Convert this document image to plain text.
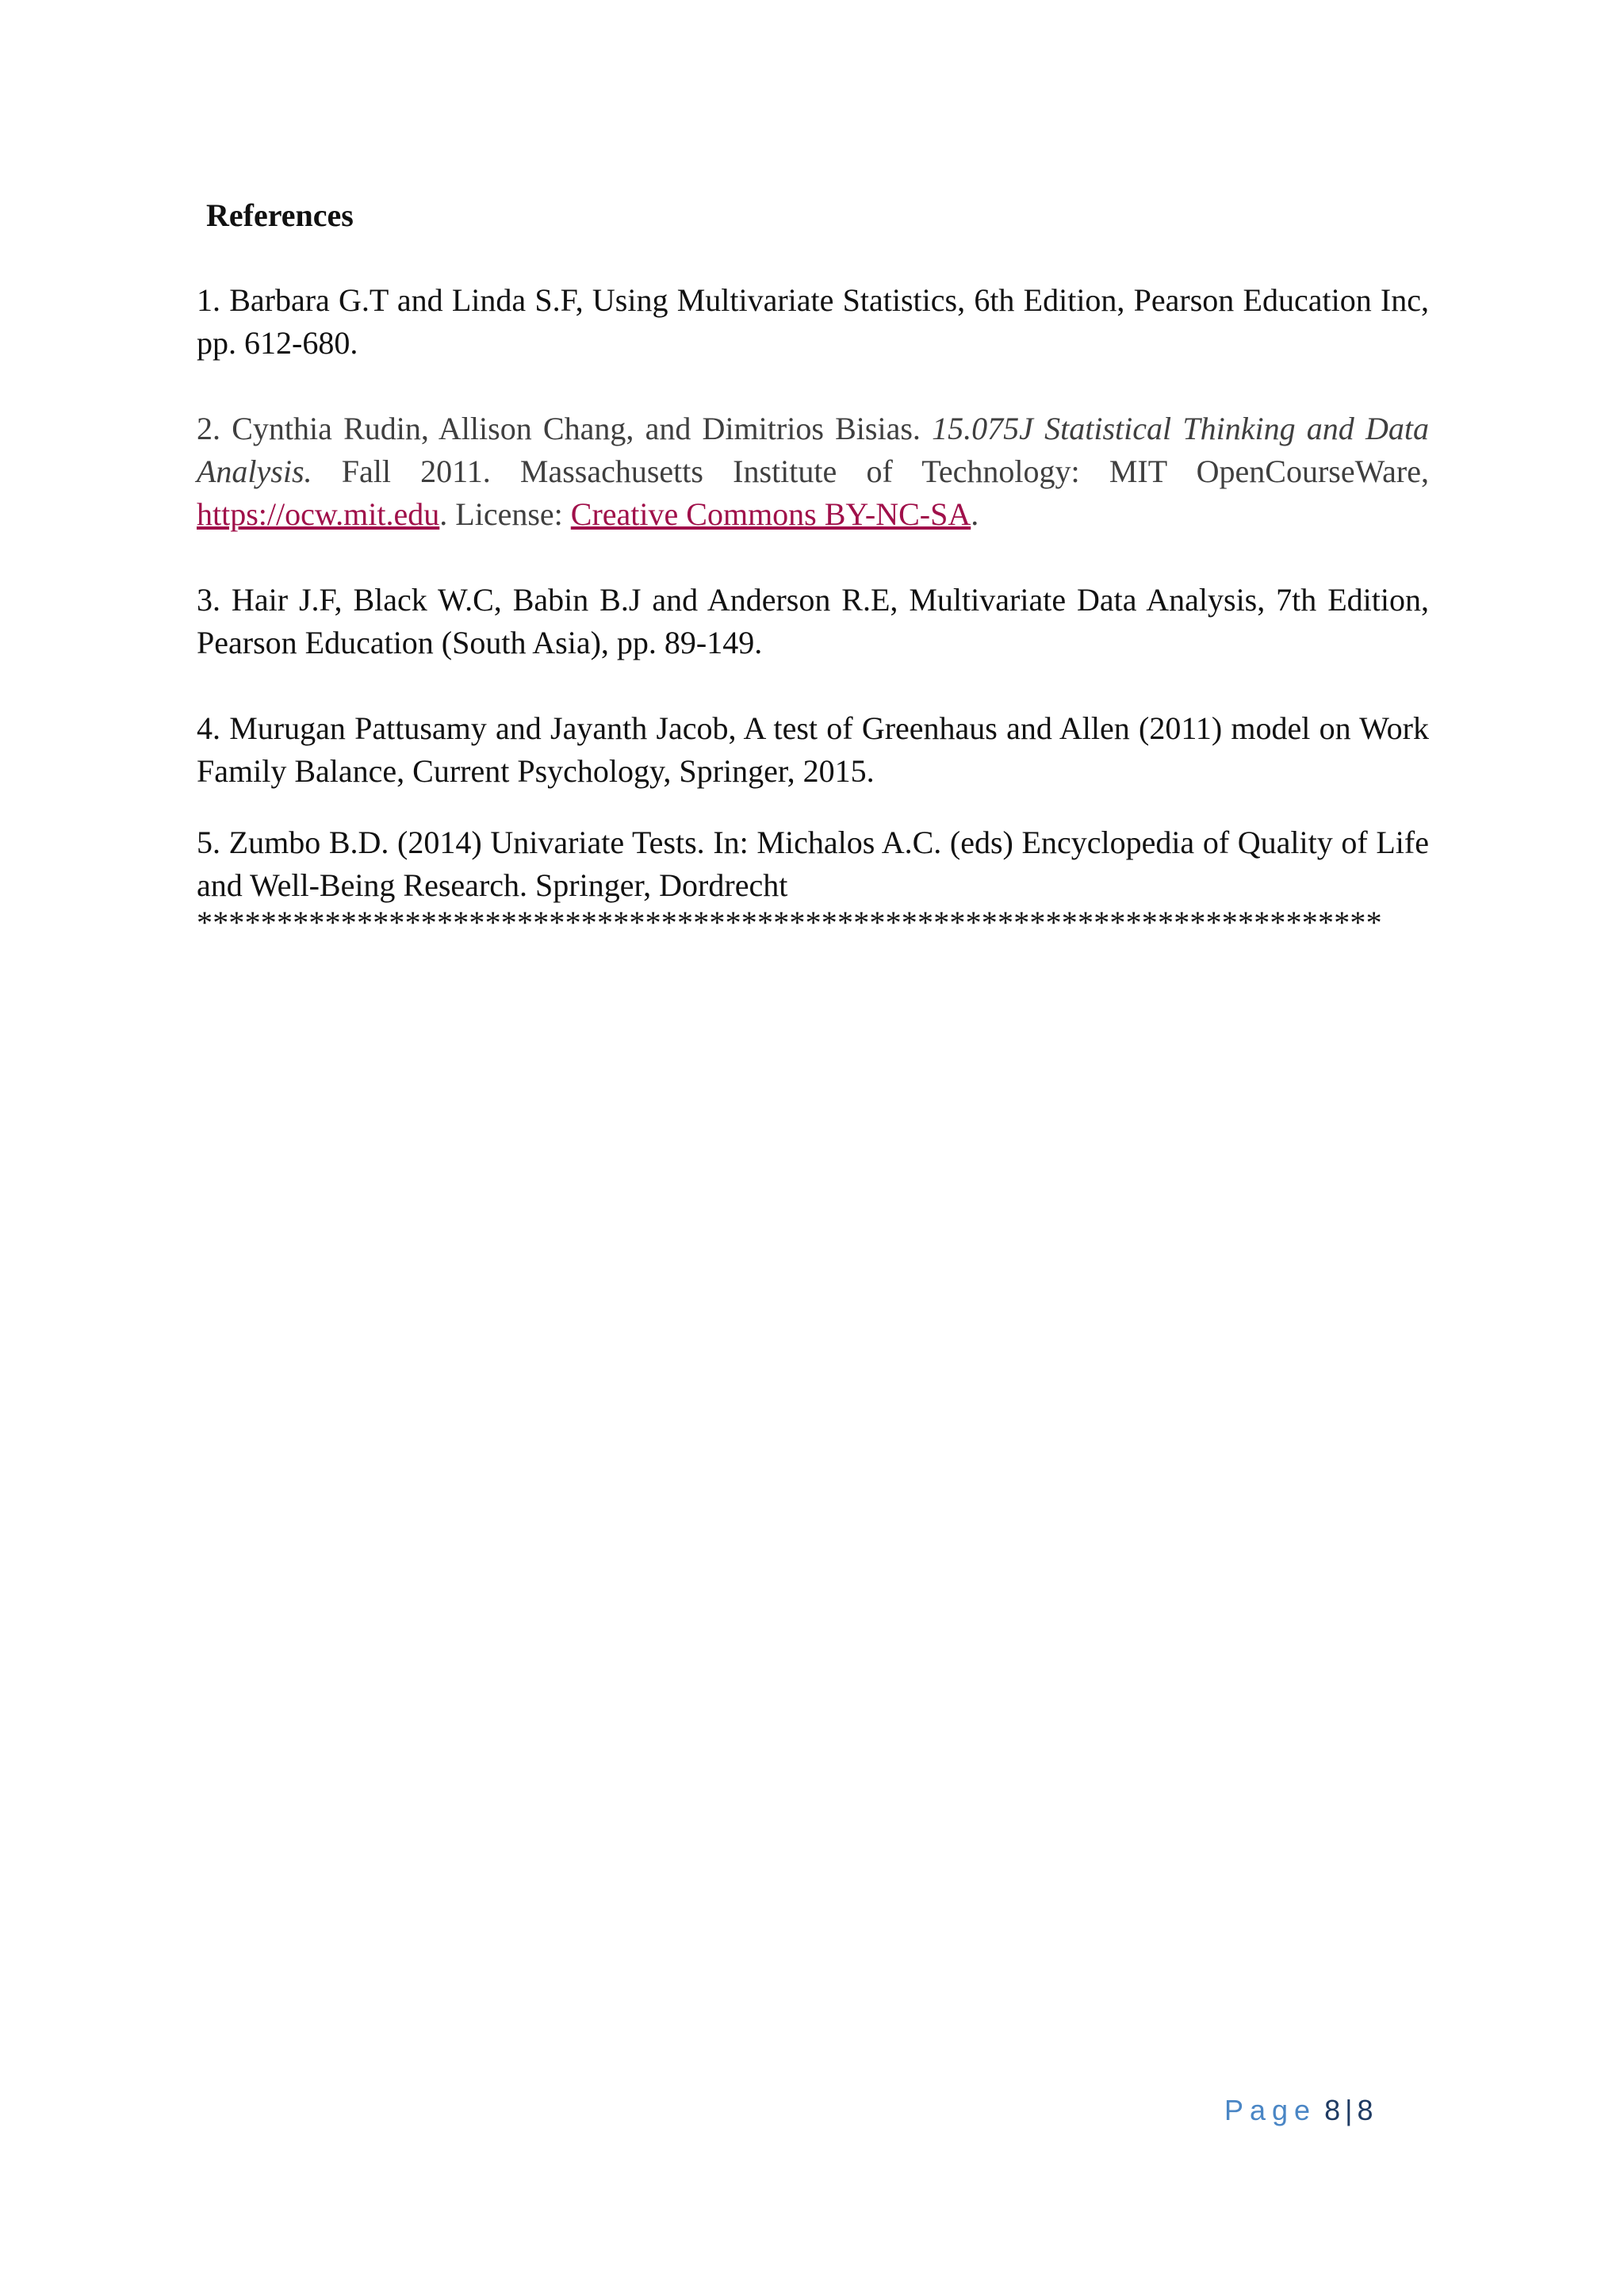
References

1. Barbara G.T and Linda S.F, Using Multivariate Statistics, 6th Edition, Pearson Education Inc, pp. 612-680.

2. Cynthia Rudin, Allison Chang, and Dimitrios Bisias. 15.075J Statistical Thinking and Data Analysis. Fall 2011. Massachusetts Institute of Technology: MIT OpenCourseWare, https://ocw.mit.edu. License: Creative Commons BY-NC-SA.

3. Hair J.F, Black W.C, Babin B.J and Anderson R.E, Multivariate Data Analysis, 7th Edition, Pearson Education (South Asia), pp. 89-149.

4. Murugan Pattusamy and Jayanth Jacob, A test of Greenhaus and Allen (2011) model on Work Family Balance, Current Psychology, Springer, 2015.

5. Zumbo B.D. (2014) Univariate Tests. In: Michalos A.C. (eds) Encyclopedia of Quality of Life and Well-Being Research. Springer, Dordrecht

**************************************************************************

Page 8 | 8
